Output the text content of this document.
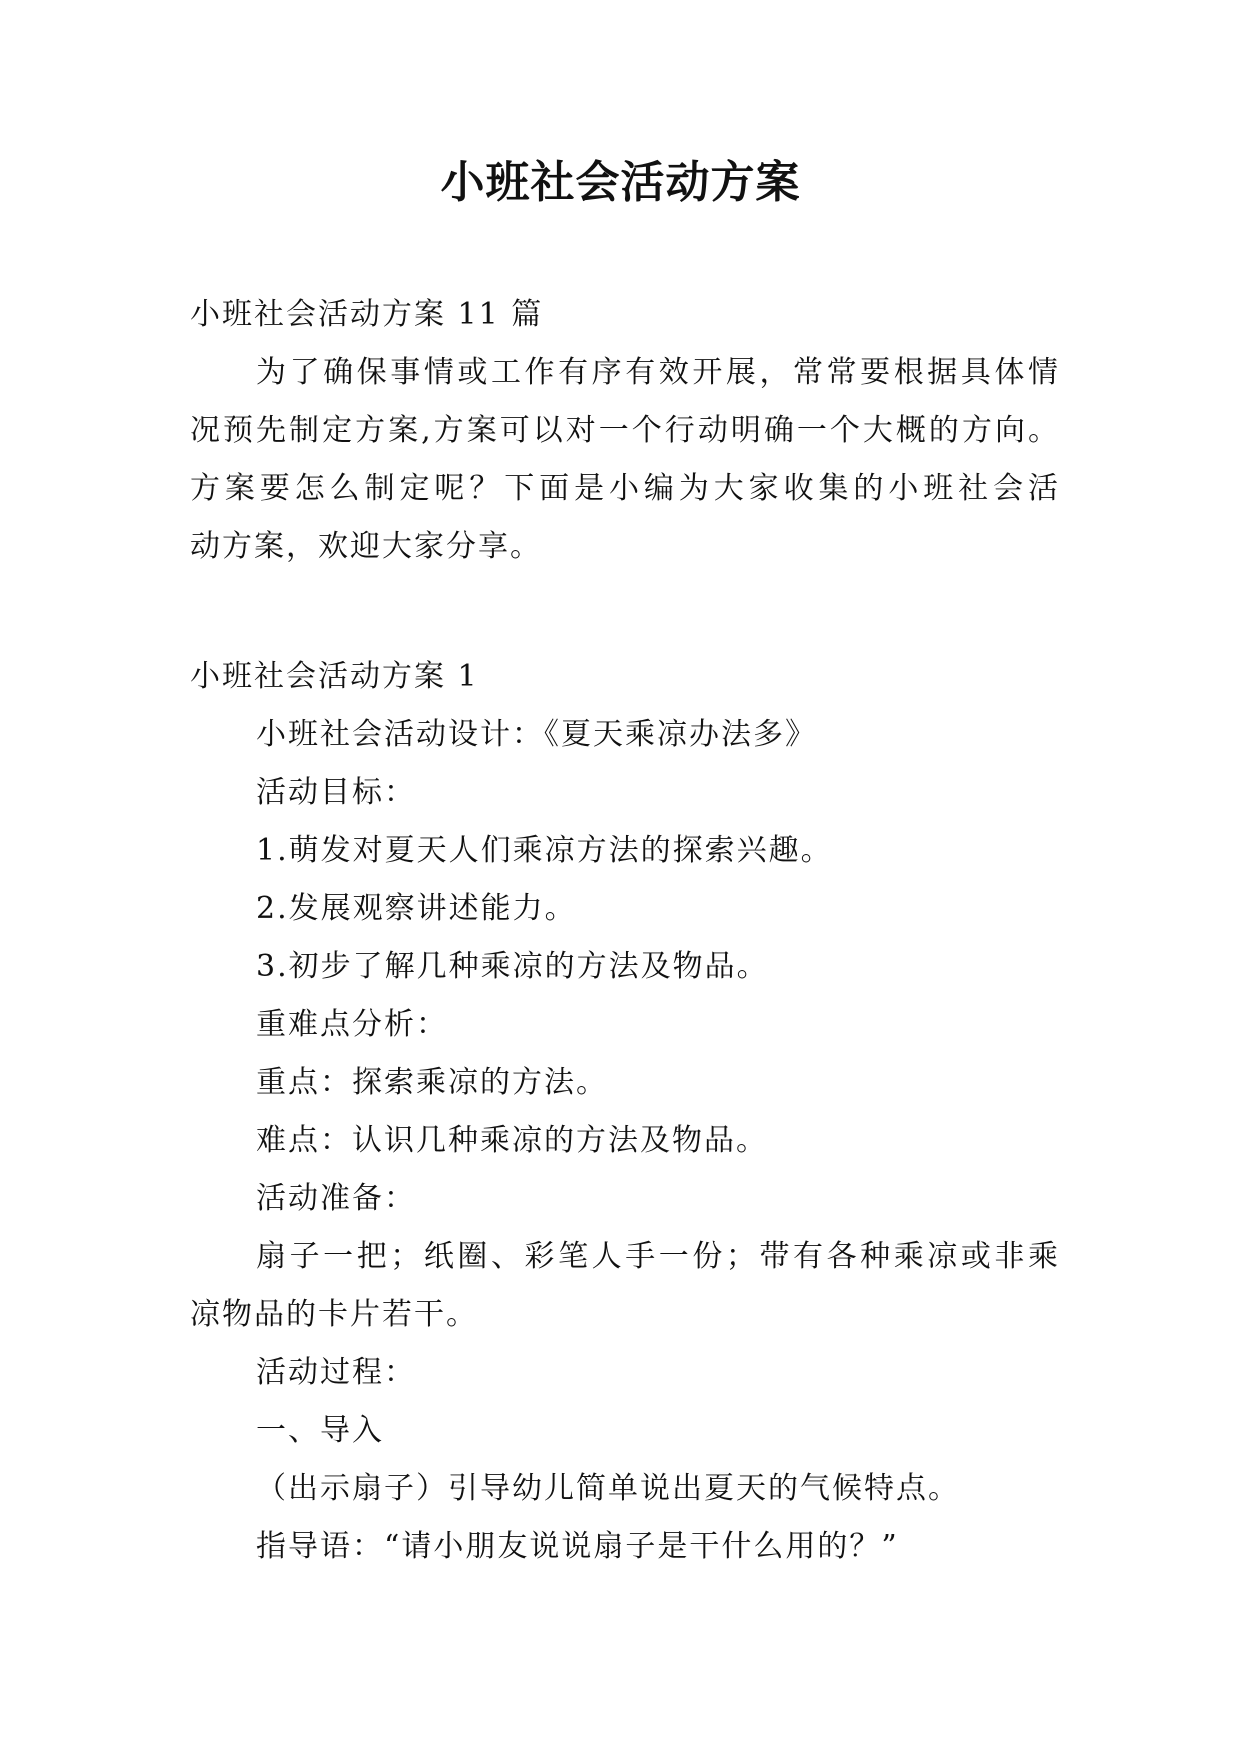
小班社会活动方案
小班社会活动方案 11 篇
为了确保事情或工作有序有效开展，常常要根据具体情
况预先制定方案,方案可以对一个行动明确一个大概的方向。
方案要怎么制定呢？下面是小编为大家收集的小班社会活
动方案，欢迎大家分享。
小班社会活动方案 1
小班社会活动设计：《夏天乘凉办法多》
活动目标：
1.萌发对夏天人们乘凉方法的探索兴趣。
2.发展观察讲述能力。
3.初步了解几种乘凉的方法及物品。
重难点分析：
重点：探索乘凉的方法。
难点：认识几种乘凉的方法及物品。
活动准备：
扇子一把；纸圈、彩笔人手一份；带有各种乘凉或非乘
凉物品的卡片若干。
活动过程：
一、导入
（出示扇子）引导幼儿简单说出夏天的气候特点。
指导语：“请小朋友说说扇子是干什么用的？”
